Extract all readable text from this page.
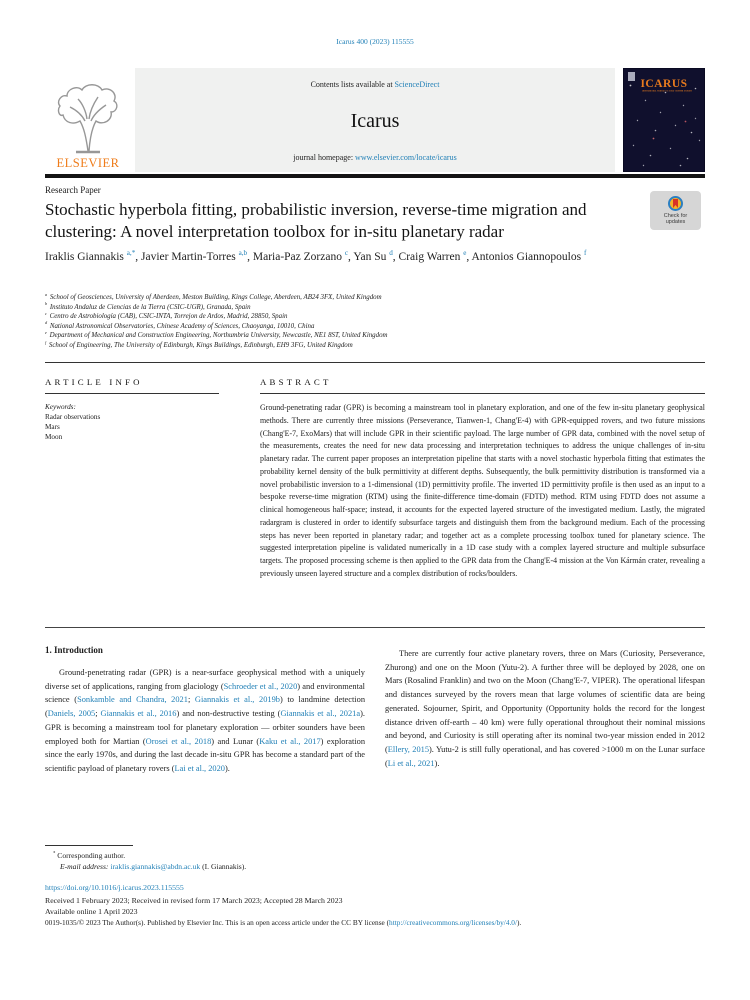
Icarus 400 (2023) 115555
ELSEVIER
Contents lists available at ScienceDirect
Icarus
journal homepage: www.elsevier.com/locate/icarus
ICARUS
International Journal of Solar System Studies
Research Paper
Check for
updates
Stochastic hyperbola fitting, probabilistic inversion, reverse-time migration and clustering: A novel interpretation toolbox for in-situ planetary radar
Iraklis Giannakis $^{a,*}$, Javier Martin-Torres $^{a,b}$, Maria-Paz Zorzano $^c$, Yan Su $^d$, Craig Warren $^e$, Antonios Giannopoulos $^f$
$^a$ School of Geosciences, University of Aberdeen, Meston Building, Kings College, Aberdeen, AB24 3FX, United Kingdom
$^b$ Instituto Andaluz de Ciencias de la Tierra (CSIC-UGR), Granada, Spain
$^c$ Centro de Astrobiología (CAB), CSIC-INTA, Torrejon de Ardos, Madrid, 28850, Spain
$^d$ National Astronomical Observatories, Chinese Academy of Sciences, Chaoyanga, 10010, China
$^e$ Department of Mechanical and Construction Engineering, Northumbria University, Newcastle, NE1 8ST, United Kingdom
$^f$ School of Engineering, The University of Edinburgh, Kings Buildings, Edinburgh, EH9 3FG, United Kingdom
ARTICLE INFO
Keywords:
Radar observations
Mars
Moon
ABSTRACT
Ground-penetrating radar (GPR) is becoming a mainstream tool in planetary exploration, and one of the few in-situ planetary geophysical methods. There are currently three missions (Perseverance, Tianwen-1, Chang'E-4) with GPR-equipped rovers, and two future missions (Chang'E-7, ExoMars) that will include GPR in their scientific payload. The large number of GPR data, combined with the novel setup of the measurements, creates the need for new data processing and interpretation techniques to address the unique challenges of in-situ planetary radar. The current paper proposes an interpretation pipeline that starts with a novel stochastic hyperbola fitting that estimates the probability kernel density of the bulk permittivity at different depths. Subsequently, the bulk permittivity distribution is transformed via a novel probabilistic inversion to a 1-dimensional (1D) permittivity profile. The inverted 1D permittivity profile is then used as an input to a bespoke reverse-time migration (RTM) using the finite-difference time-domain (FDTD) method. RTM using FDTD does not assume a clinical homogeneous half-space; instead, it accounts for the expected layered structure of the investigated medium. Lastly, the migrated radargram is clustered in order to identify subsurface targets and distinguish them from the background medium. Each of the processing steps has never been reported in planetary radar; and together act as a complete processing toolbox tuned for planetary science. The suggested interpretation pipeline is validated numerically in a 1D case study with a complex layered structure and multiple subsurface targets. The proposed processing scheme is then applied to the GPR data from the Chang'E-4 mission at the Von Kármán crater, revealing a previously unseen layered structure and a complex distribution of rocks/boulders.
1. Introduction
Ground-penetrating radar (GPR) is a near-surface geophysical method with a uniquely diverse set of applications, ranging from glaciology (Schroeder et al., 2020) and environmental science (Sonkamble and Chandra, 2021; Giannakis et al., 2019b) to landmine detection (Daniels, 2005; Giannakis et al., 2016) and non-destructive testing (Giannakis et al., 2021a). GPR is becoming a mainstream tool for planetary exploration — orbiter sounders have been employed both for Martian (Orosei et al., 2018) and Lunar (Kaku et al., 2017) exploration since the early 1970s, and during the last decade in-situ GPR has become a standard part of the scientific payload of planetary rovers (Lai et al., 2020).
There are currently four active planetary rovers, three on Mars (Curiosity, Perseverance, Zhurong) and one on the Moon (Yutu-2). A further three will be deployed by 2028, one on Mars (Rosalind Franklin) and two on the Moon (Chang'E-7, VIPER). The operational lifespan and distances surveyed by the rovers mean that large volumes of scientific data are being generated. Sojourner, Spirit, and Opportunity (Opportunity holds the record for the longest distance driven off-earth – 40 km) were fully operational throughout their nominal missions and beyond, and Curiosity is still operating after its nominal two-year mission ended in 2012 (Ellery, 2015). Yutu-2 is still fully operational, and has covered >1000 m on the Lunar surface (Li et al., 2021).
* Corresponding author.
E-mail address: iraklis.giannakis@abdn.ac.uk (I. Giannakis).
https://doi.org/10.1016/j.icarus.2023.115555
Received 1 February 2023; Received in revised form 17 March 2023; Accepted 28 March 2023
Available online 1 April 2023
0019-1035/© 2023 The Author(s). Published by Elsevier Inc. This is an open access article under the CC BY license (http://creativecommons.org/licenses/by/4.0/).
